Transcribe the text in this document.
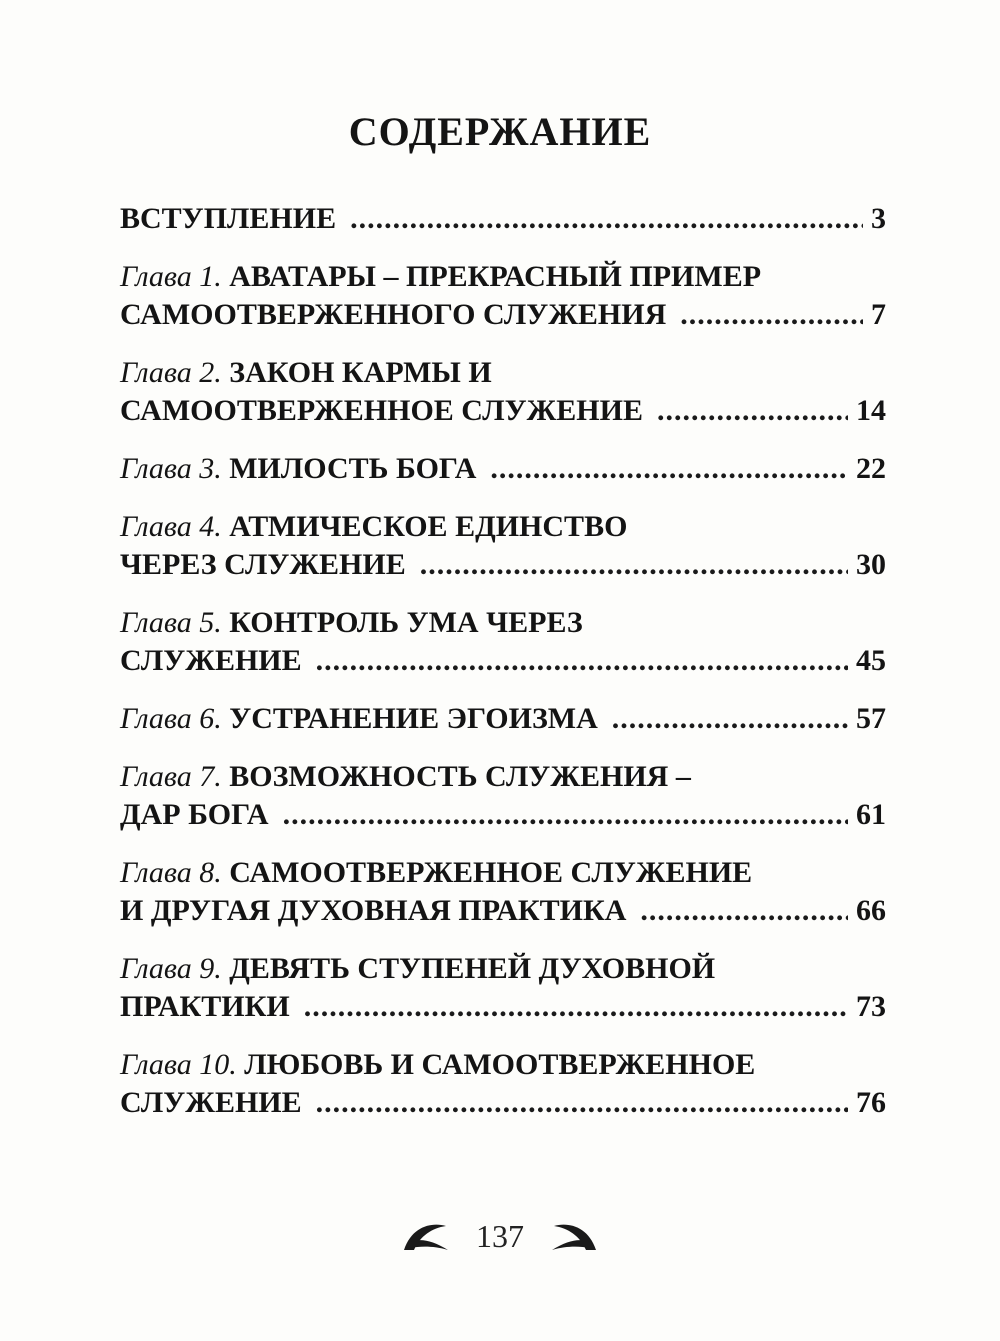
СОДЕРЖАНИЕ
ВСТУПЛЕНИЕ .....	3
Глава 1.
АВАТАРЫ – ПРЕКРАСНЫЙ ПРИМЕР
САМООТВЕРЖЕННОГО СЛУЖЕНИЯ .....	7
Глава 2.
ЗАКОН КАРМЫ И
САМООТВЕРЖЕННОЕ СЛУЖЕНИЕ .....	14
Глава 3.
МИЛОСТЬ БОГА .....	22
Глава 4.
АТМИЧЕСКОЕ ЕДИНСТВО
ЧЕРЕЗ СЛУЖЕНИЕ .....	30
Глава 5.
КОНТРОЛЬ УМА ЧЕРЕЗ
СЛУЖЕНИЕ .....	45
Глава 6.
УСТРАНЕНИЕ ЭГОИЗМА .....	57
Глава 7.
ВОЗМОЖНОСТЬ СЛУЖЕНИЯ –
ДАР БОГА .....	61
Глава 8.
САМООТВЕРЖЕННОЕ СЛУЖЕНИЕ
И ДРУГАЯ ДУХОВНАЯ ПРАКТИКА .....	66
Глава 9.
ДЕВЯТЬ СТУПЕНЕЙ ДУХОВНОЙ
ПРАКТИКИ .....	73
Глава 10.
ЛЮБОВЬ И САМООТВЕРЖЕННОЕ
СЛУЖЕНИЕ .....	76
137
